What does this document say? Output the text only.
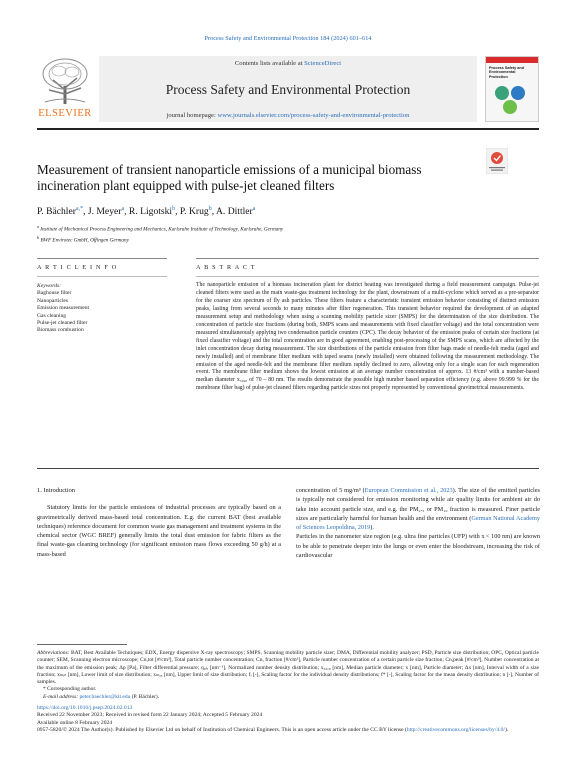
Process Safety and Environmental Protection 184 (2024) 601–614
ELSEVIER
Contents lists available at ScienceDirect
Process Safety and Environmental Protection
journal homepage: www.journals.elsevier.com/process-safety-and-environmental-protection
Process Safety and Environmental Protection
Measurement of transient nanoparticle emissions of a municipal biomass incineration plant equipped with pulse-jet cleaned filters
P. Bächler$^{a,*}$, J. Meyer$^a$, R. Ligotski$^b$, P. Krug$^b$, A. Dittler$^a$
$^a$ Institute of Mechanical Process Engineering and Mechanics, Karlsruhe Institute of Technology, Karlsruhe, Germany
$^b$ BWF Envirotec GmbH, Offingen Germany
A R T I C L E I N F O	A B S T R A C T
Keywords:
Baghouse filter
Nanoparticles
Emission measurement
Gas cleaning
Pulse-jet cleaned filter
Biomass combustion
The nanoparticle emission of a biomass incineration plant for district heating was investigated during a field measurement campaign. Pulse-jet cleaned filters were used as the main waste-gas treatment technology for the plant, downstream of a multi-cyclone which served as a pre-separator for the coarser size spectrum of fly ash particles. These filters feature a characteristic transient emission behavior consisting of distinct emission peaks, lasting from several seconds to many minutes after filter regeneration. This transient behavior required the development of an adapted measurement setup and methodology when using a scanning mobility particle sizer (SMPS) for the determination of the size distribution. The concentration of particle size fractions (during both, SMPS scans and measurements with fixed classifier voltage) and the total concentration were measured simultaneously applying two condensation particle counters (CPC). The decay behavior of the emission peaks of certain size fractions (at fixed classifier voltage) and the total concentration are in good agreement, enabling post-processing of the SMPS scans, which are affected by the inlet concentration decay during measurement. The size distributions of the particle emission from filter bags made of needle-felt media (aged and newly installed) and of membrane filter medium with taped seams (newly installed) were obtained following the measurement methodology. The emission of the aged needle-felt and the membrane filter medium rapidly declined to zero, allowing only for a single scan for each regeneration event. The membrane filter medium shows the lowest emission at an average number concentration of approx. 13 #/cm³ with a number-based median diameter x₅₀,₀ of 70 – 80 nm. The results demonstrate the possible high number based separation efficiency (e.g. above 99.999 % for the membrane filter bag) of pulse-jet cleaned filters regarding particle sizes not properly represented by conventional gravimetrical measurements.
1. Introduction

Statutory limits for the particle emissions of industrial processes are typically based on a gravimetrically derived mass-based total concentration. E.g. the current BAT (best available techniques) reference document for common waste gas management and treatment systems in the chemical sector (WGC BREF) generally limits the total dust emission for fabric filters as the final waste-gas cleaning technology (for significant emission mass flows exceeding 50 g/h) at a mass-based

concentration of 5 mg/m³ (European Commission et al., 2023). The size of the emitted particles is typically not considered for emission monitoring while air quality limits for ambient air do take into account particle size, and e.g. the PM₂.₅ or PM₁₀ fraction is measured. Finer particle sizes are particularly harmful for human health and the environment (German National Academy of Sciences Leopoldina, 2019).

Particles in the nanometer size region (e.g. ultra fine particles (UFP) with x < 100 nm) are known to be able to penetrate deeper into the lungs or even enter the bloodstream, increasing the risk of cardiovascular

Abbreviations: BAT, Best Available Techniques; EDX, Energy dispersive X-ray spectroscopy; SMPS, Scanning mobility particle sizer; DMA, Differential mobility analyzer; PSD, Particle size distribution; OPC, Optical particle counter; SEM, Scanning electron microscope; Cn,tot [#/cm³], Total particle number concentration; Cn, fraction [#/cm³], Particle number concentration of a certain particle size fraction; Cn,peak [#/cm³], Number concentration at the maximum of the emission peak; Δp [Pa], Filter differential pressure; q₀ₗₓ [nm⁻¹], Normalized number density distribution; x₅₀,₀ [nm], Median particle diameter; x [nm], Particle diameter; Δx [nm], Interval width of a size fraction; xₘᵢₙ [nm], Lower limit of size distribution; xₘₐₓ [nm], Upper limit of size distribution; fᵢ [-], Scaling factor for the individual density distributions; f* [-], Scaling factor for the mean density distribution; n [-], Number of samples.
* Corresponding author.
E-mail address: peter.baechler@kit.edu (P. Bächler).
https://doi.org/10.1016/j.psep.2024.02.013
Received 22 November 2023; Received in revised form 22 January 2024; Accepted 5 February 2024
Available online 8 February 2024
0957-5820/© 2024 The Author(s). Published by Elsevier Ltd on behalf of Institution of Chemical Engineers. This is an open access article under the CC BY license (http://creativecommons.org/licenses/by/4.0/).
